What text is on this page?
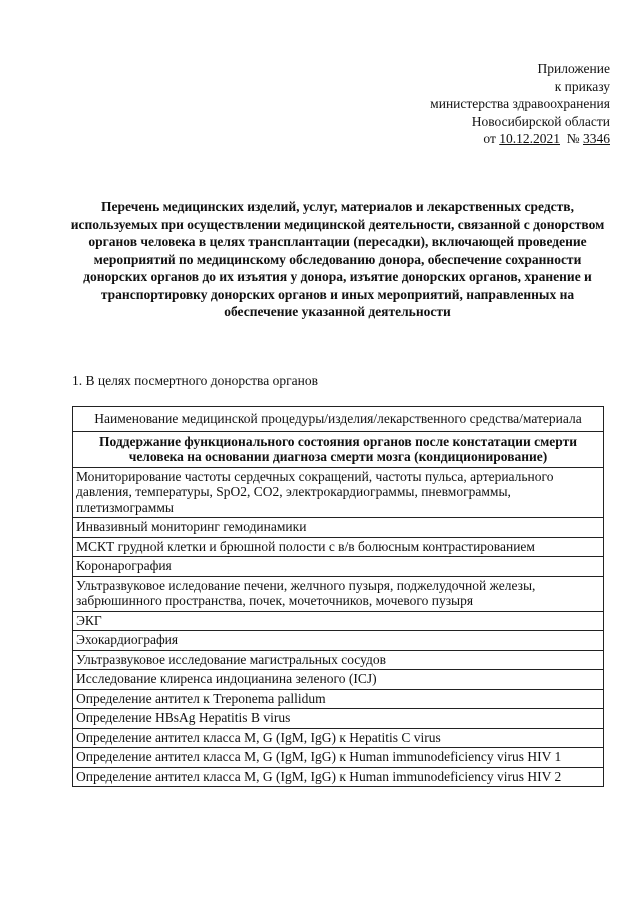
Приложение
к приказу
министерства здравоохранения
Новосибирской области
от 10.12.2021 № 3346
Перечень медицинских изделий, услуг, материалов и лекарственных средств, используемых при осуществлении медицинской деятельности, связанной с донорством органов человека в целях трансплантации (пересадки), включающей проведение мероприятий по медицинскому обследованию донора, обеспечение сохранности донорских органов до их изъятия у донора, изъятие донорских органов, хранение и транспортировку донорских органов и иных мероприятий, направленных на обеспечение указанной деятельности
1. В целях посмертного донорства органов
Наименование медицинской процедуры/изделия/лекарственного средства/материала
Поддержание функционального состояния органов после констатации смерти человека на основании диагноза смерти мозга (кондиционирование)
Мониторирование частоты сердечных сокращений, частоты пульса, артериального давления, температуры, SpO2, CO2, электрокардиограммы, пневмограммы, плетизмограммы
Инвазивный мониторинг гемодинамики
МСКТ грудной клетки и брюшной полости с в/в болюсным контрастированием
Коронарография
Ультразвуковое иследование печени, желчного пузыря, поджелудочной железы, забрюшинного пространства, почек, мочеточников, мочевого пузыря
ЭКГ
Эхокардиография
Ультразвуковое исследование магистральных сосудов
Исследование клиренса индоцианина зеленого (ICJ)
Определение антител к Treponema pallidum
Определение HBsAg Hepatitis B virus
Определение антител класса M, G (IgM, IgG) к Hepatitis C virus
Определение антител класса M, G (IgM, IgG) к Human immunodeficiency virus HIV 1
Определение антител класса M, G (IgM, IgG) к Human immunodeficiency virus HIV 2
